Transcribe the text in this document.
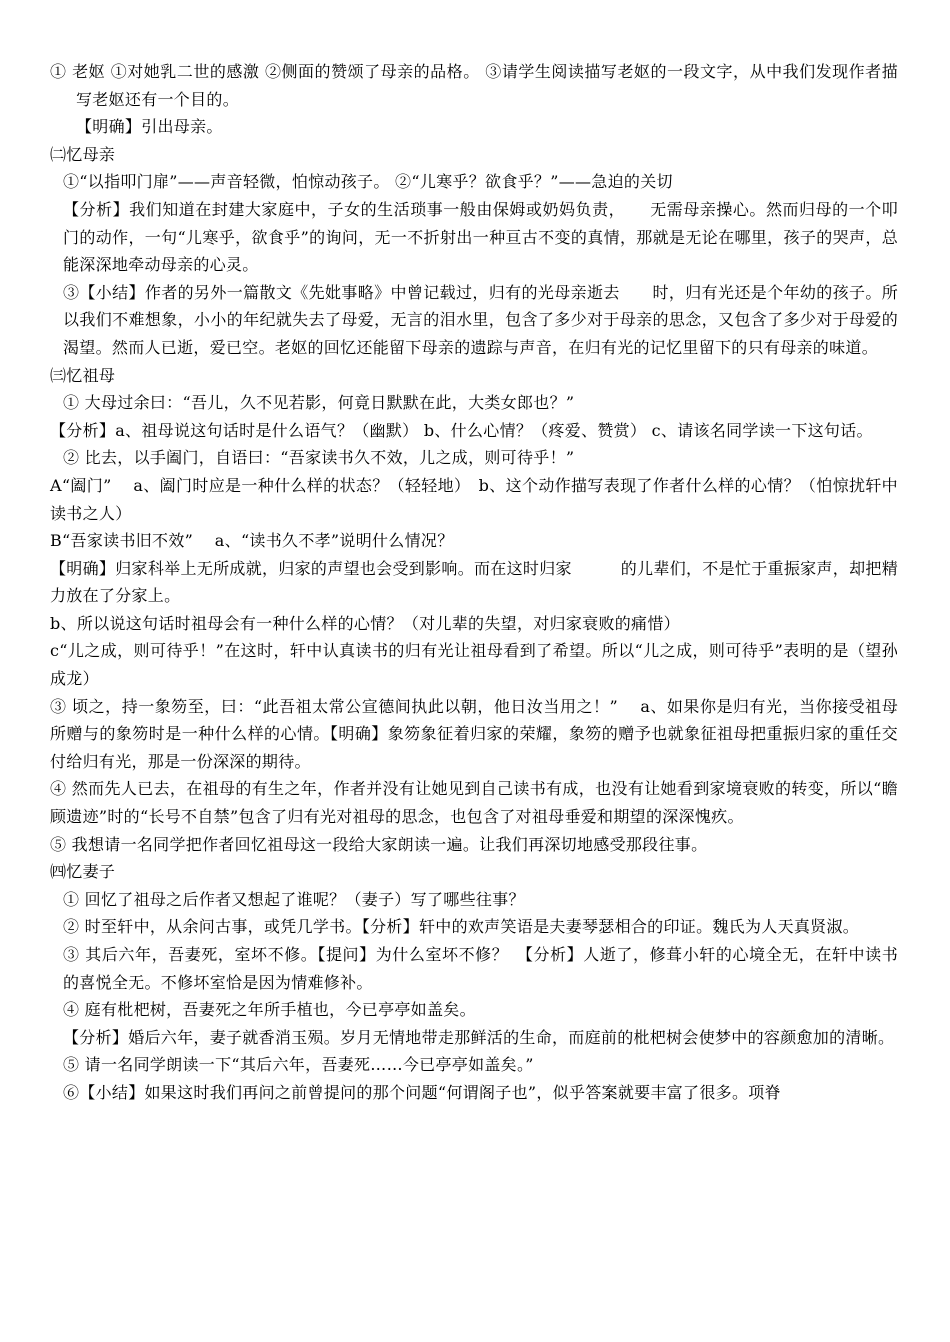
① 老妪 ①对她乳二世的感激 ②侧面的赞颂了母亲的品格。 ③请学生阅读描写老妪的一段文字，从中我们发现作者描写老妪还有一个目的。

【明确】引出母亲。

㈡忆母亲

①“以指叩门扉”——声音轻微，怕惊动孩子。 ②“儿寒乎？欲食乎？”——急迫的关切

【分析】我们知道在封建大家庭中，子女的生活琐事一般由保姆或奶妈负责，　　无需母亲操心。然而归母的一个叩门的动作，一句“儿寒乎，欲食乎”的询问，无一不折射出一种亘古不变的真情，那就是无论在哪里，孩子的哭声，总能深深地牵动母亲的心灵。

③【小结】作者的另外一篇散文《先妣事略》中曾记载过，归有的光母亲逝去　　时，归有光还是个年幼的孩子。所以我们不难想象，小小的年纪就失去了母爱，无言的泪水里，包含了多少对于母亲的思念，又包含了多少对于母爱的渴望。然而人已逝，爱已空。老妪的回忆还能留下母亲的遗踪与声音，在归有光的记忆里留下的只有母亲的味道。

㈢忆祖母

① 大母过余曰：“吾儿，久不见若影，何竟日默默在此，大类女郎也？”

【分析】a、祖母说这句话时是什么语气？（幽默） b、什么心情？（疼爱、赞赏） c、请该名同学读一下这句话。

② 比去，以手阖门，自语曰：“吾家读书久不效，儿之成，则可待乎！”

A“阖门”　 a、阖门时应是一种什么样的状态？（轻轻地）　b、这个动作描写表现了作者什么样的心情？（怕惊扰轩中读书之人）

B“吾家读书旧不效”　 a、“读书久不孝”说明什么情况？

【明确】归家科举上无所成就，归家的声望也会受到影响。而在这时归家　　　的儿辈们，不是忙于重振家声，却把精力放在了分家上。

b、所以说这句话时祖母会有一种什么样的心情？（对儿辈的失望，对归家衰败的痛惜）

c“儿之成，则可待乎！”在这时，轩中认真读书的归有光让祖母看到了希望。所以“儿之成，则可待乎”表明的是（望孙成龙）

③ 顷之，持一象笏至，曰：“此吾祖太常公宣德间执此以朝，他日汝当用之！”　 a、如果你是归有光，当你接受祖母所赠与的象笏时是一种什么样的心情。【明确】象笏象征着归家的荣耀，象笏的赠予也就象征祖母把重振归家的重任交付给归有光，那是一份深深的期待。

④ 然而先人已去，在祖母的有生之年，作者并没有让她见到自己读书有成，也没有让她看到家境衰败的转变，所以“瞻顾遗迹”时的“长号不自禁”包含了归有光对祖母的思念，也包含了对祖母垂爱和期望的深深愧疚。

⑤ 我想请一名同学把作者回忆祖母这一段给大家朗读一遍。让我们再深切地感受那段往事。

㈣忆妻子

① 回忆了祖母之后作者又想起了谁呢？（妻子）写了哪些往事？

② 时至轩中，从余问古事，或凭几学书。【分析】轩中的欢声笑语是夫妻琴瑟相合的印证。魏氏为人天真贤淑。

③ 其后六年，吾妻死，室坏不修。【提问】为什么室坏不修？　【分析】人逝了，修葺小轩的心境全无，在轩中读书的喜悦全无。不修坏室恰是因为情难修补。

④ 庭有枇杷树，吾妻死之年所手植也，今已亭亭如盖矣。

【分析】婚后六年，妻子就香消玉殒。岁月无情地带走那鲜活的生命，而庭前的枇杷树会使梦中的容颜愈加的清晰。

⑤ 请一名同学朗读一下“其后六年，吾妻死……今已亭亭如盖矣。”

⑥【小结】如果这时我们再问之前曾提问的那个问题“何谓阁子也”，似乎答案就要丰富了很多。项脊
